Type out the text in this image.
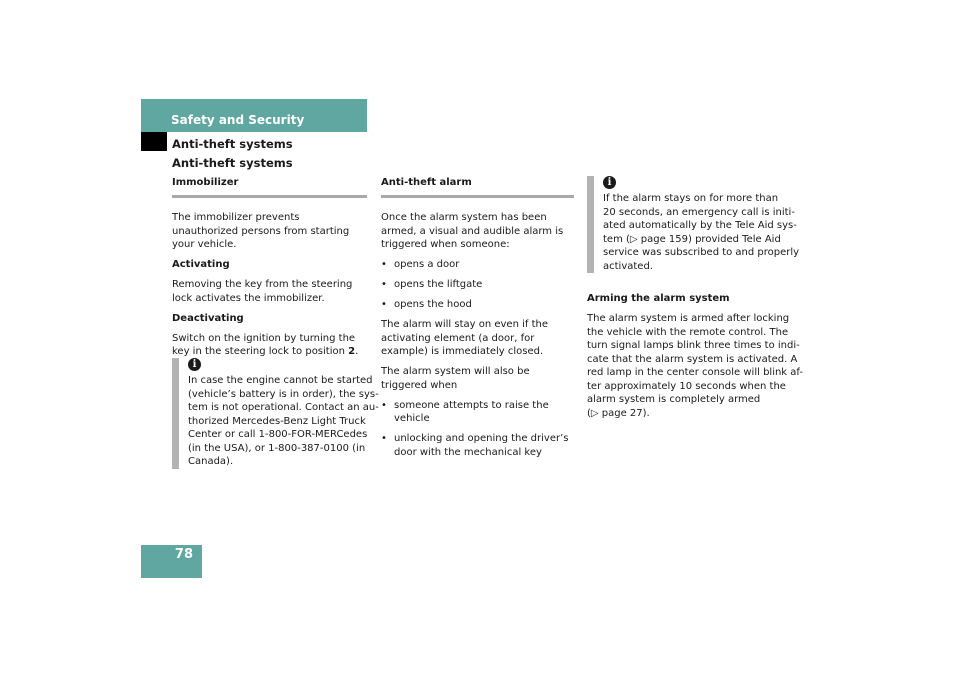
Safety and Security
Anti-theft systems
Anti-theft systems
Immobilizer

The immobilizer prevents unauthorized persons from starting your vehicle.

Activating

Removing the key from the steering lock activates the immobilizer.

Deactivating

Switch on the ignition by turning the key in the steering lock to position 2.

i
In case the engine cannot be started
(vehicle’s battery is in order), the sys-
tem is not operational. Contact an au-
thorized Mercedes-Benz Light Truck
Center or call 1-800-FOR-MERCedes
(in the USA), or 1-800-387-0100 (in
Canada).
Anti-theft alarm

Once the alarm system has been armed, a visual and audible alarm is triggered when someone:

• opens a door

• opens the liftgate

• opens the hood

The alarm will stay on even if the activating element (a door, for example) is immediately closed.

The alarm system will also be triggered when

• someone attempts to raise the vehicle

• unlocking and opening the driver’s door with the mechanical key

i
If the alarm stays on for more than
20 seconds, an emergency call is initi-
ated automatically by the Tele Aid sys-
tem (▷ page 159) provided Tele Aid
service was subscribed to and properly
activated.

Arming the alarm system

The alarm system is armed after locking
the vehicle with the remote control. The
turn signal lamps blink three times to indi-
cate that the alarm system is activated. A
red lamp in the center console will blink af-
ter approximately 10 seconds when the
alarm system is completely armed
(▷ page 27).
78
